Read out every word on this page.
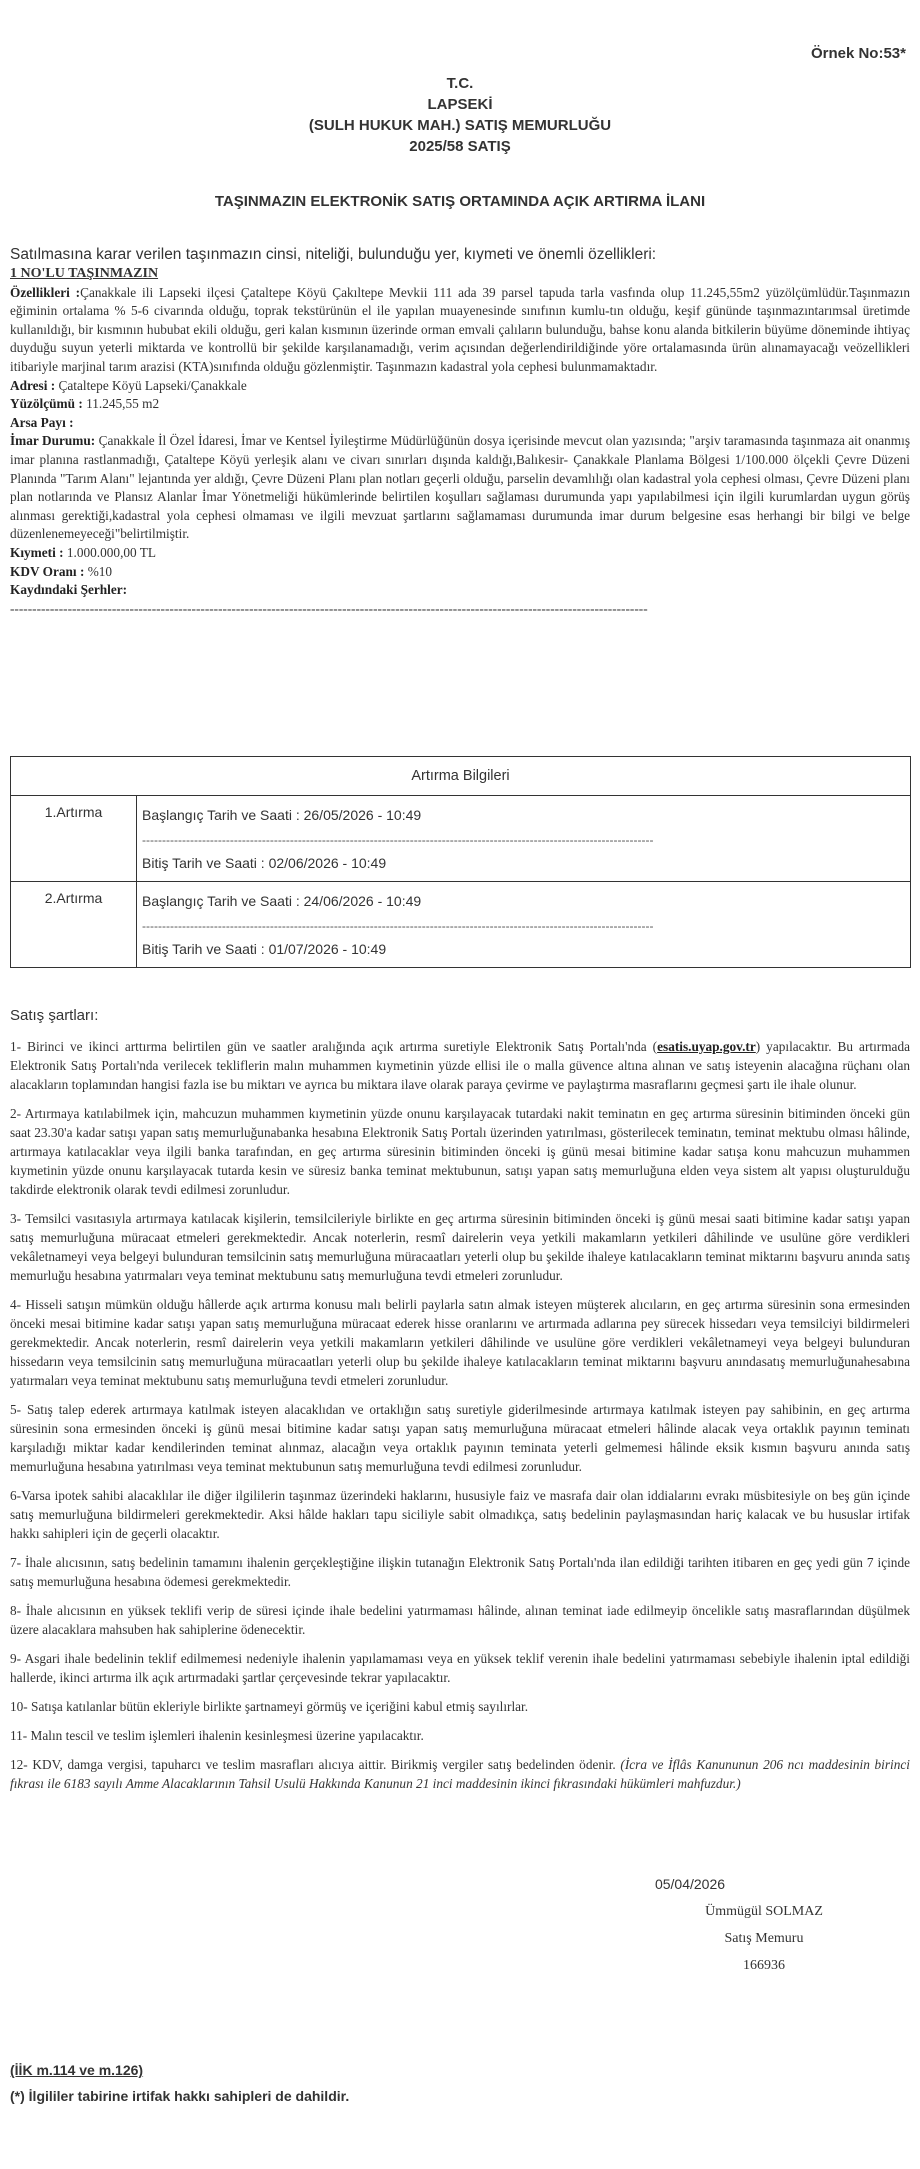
Örnek No:53*
T.C.
LAPSEKİ
(SULH HUKUK MAH.) SATIŞ MEMURLUĞU
2025/58 SATIŞ
TAŞINMAZIN ELEKTRONİK SATIŞ ORTAMINDA AÇIK ARTIRMA İLANI
Satılmasına karar verilen taşınmazın cinsi, niteliği, bulunduğu yer, kıymeti ve önemli özellikleri:

1 NO'LU TAŞINMAZIN

Özellikleri :Çanakkale ili Lapseki ilçesi Çataltepe Köyü Çakıltepe Mevkii 111 ada 39 parsel tapuda tarla vasfında olup 11.245,55m2 yüzölçümlüdür.Taşınmazın eğiminin ortalama % 5-6 civarında olduğu, toprak tekstürünün el ile yapılan muayenesinde sınıfının kumlu-tın olduğu, keşif gününde taşınmazıntarımsal üretimde kullanıldığı, bir kısmının hububat ekili olduğu, geri kalan kısmının üzerinde orman emvali çalıların bulunduğu, bahse konu alanda bitkilerin büyüme döneminde ihtiyaç duyduğu suyun yeterli miktarda ve kontrollü bir şekilde karşılanamadığı, verim açısından değerlendirildiğinde yöre ortalamasında ürün alınamayacağı veözellikleri itibariyle marjinal tarım arazisi (KTA)sınıfında olduğu gözlenmiştir. Taşınmazın kadastral yola cephesi bulunmamaktadır.

Adresi : Çataltepe Köyü Lapseki/Çanakkale

Yüzölçümü : 11.245,55 m2

Arsa Payı :

İmar Durumu: Çanakkale İl Özel İdaresi, İmar ve Kentsel İyileştirme Müdürlüğünün dosya içerisinde mevcut olan yazısında; "arşiv taramasında taşınmaza ait onanmış imar planına rastlanmadığı, Çataltepe Köyü yerleşik alanı ve civarı sınırları dışında kaldığı,Balıkesir- Çanakkale Planlama Bölgesi 1/100.000 ölçekli Çevre Düzeni Planında "Tarım Alanı" lejantında yer aldığı, Çevre Düzeni Planı plan notları geçerli olduğu, parselin devamlılığı olan kadastral yola cephesi olması, Çevre Düzeni planı plan notlarında ve Plansız Alanlar İmar Yönetmeliği hükümlerinde belirtilen koşulları sağlaması durumunda yapı yapılabilmesi için ilgili kurumlardan uygun görüş alınması gerektiği,kadastral yola cephesi olmaması ve ilgili mevzuat şartlarını sağlamaması durumunda imar durum belgesine esas herhangi bir bilgi ve belge düzenlenemeyeceği"belirtilmiştir.

Kıymeti : 1.000.000,00 TL

KDV Oranı : %10

Kaydındaki Şerhler:

------------------------------------------------------------------------------------------------------------------------------------------------

Artırma Bilgileri	
1.Artırma	Başlangıç Tarih ve Saati : 26/05/2026 - 10:49
--------------------------------------------------------------------------------------------------------------------------------
Bitiş Tarih ve Saati : 02/06/2026 - 10:49

2.Artırma	Başlangıç Tarih ve Saati : 24/06/2026 - 10:49
--------------------------------------------------------------------------------------------------------------------------------
Bitiş Tarih ve Saati : 01/07/2026 - 10:49
Satış şartları:

1- Birinci ve ikinci arttırma belirtilen gün ve saatler aralığında açık artırma suretiyle Elektronik Satış Portalı'nda (esatis.uyap.gov.tr) yapılacaktır. Bu artırmada Elektronik Satış Portalı'nda verilecek tekliflerin malın muhammen kıymetinin yüzde ellisi ile o malla güvence altına alınan ve satış isteyenin alacağına rüçhanı olan alacakların toplamından hangisi fazla ise bu miktarı ve ayrıca bu miktara ilave olarak paraya çevirme ve paylaştırma masraflarını geçmesi şartı ile ihale olunur.

2- Artırmaya katılabilmek için, mahcuzun muhammen kıymetinin yüzde onunu karşılayacak tutardaki nakit teminatın en geç artırma süresinin bitiminden önceki gün saat 23.30'a kadar satışı yapan satış memurluğunabanka hesabına Elektronik Satış Portalı üzerinden yatırılması, gösterilecek teminatın, teminat mektubu olması hâlinde, artırmaya katılacaklar veya ilgili banka tarafından, en geç artırma süresinin bitiminden önceki iş günü mesai bitimine kadar satışa konu mahcuzun muhammen kıymetinin yüzde onunu karşılayacak tutarda kesin ve süresiz banka teminat mektubunun, satışı yapan satış memurluğuna elden veya sistem alt yapısı oluşturulduğu takdirde elektronik olarak tevdi edilmesi zorunludur.

3- Temsilci vasıtasıyla artırmaya katılacak kişilerin, temsilcileriyle birlikte en geç artırma süresinin bitiminden önceki iş günü mesai saati bitimine kadar satışı yapan satış memurluğuna müracaat etmeleri gerekmektedir. Ancak noterlerin, resmî dairelerin veya yetkili makamların yetkileri dâhilinde ve usulüne göre verdikleri vekâletnameyi veya belgeyi bulunduran temsilcinin satış memurluğuna müracaatları yeterli olup bu şekilde ihaleye katılacakların teminat miktarını başvuru anında satış memurluğu hesabına yatırmaları veya teminat mektubunu satış memurluğuna tevdi etmeleri zorunludur.

4- Hisseli satışın mümkün olduğu hâllerde açık artırma konusu malı belirli paylarla satın almak isteyen müşterek alıcıların, en geç artırma süresinin sona ermesinden önceki mesai bitimine kadar satışı yapan satış memurluğuna müracaat ederek hisse oranlarını ve artırmada adlarına pey sürecek hissedarı veya temsilciyi bildirmeleri gerekmektedir. Ancak noterlerin, resmî dairelerin veya yetkili makamların yetkileri dâhilinde ve usulüne göre verdikleri vekâletnameyi veya belgeyi bulunduran hissedarın veya temsilcinin satış memurluğuna müracaatları yeterli olup bu şekilde ihaleye katılacakların teminat miktarını başvuru anındasatış memurluğunahesabına yatırmaları veya teminat mektubunu satış memurluğuna tevdi etmeleri zorunludur.

5- Satış talep ederek artırmaya katılmak isteyen alacaklıdan ve ortaklığın satış suretiyle giderilmesinde artırmaya katılmak isteyen pay sahibinin, en geç artırma süresinin sona ermesinden önceki iş günü mesai bitimine kadar satışı yapan satış memurluğuna müracaat etmeleri hâlinde alacak veya ortaklık payının teminatı karşıladığı miktar kadar kendilerinden teminat alınmaz, alacağın veya ortaklık payının teminata yeterli gelmemesi hâlinde eksik kısmın başvuru anında satış memurluğuna hesabına yatırılması veya teminat mektubunun satış memurluğuna tevdi edilmesi zorunludur.

6-Varsa ipotek sahibi alacaklılar ile diğer ilgililerin taşınmaz üzerindeki haklarını, hususiyle faiz ve masrafa dair olan iddialarını evrakı müsbitesiyle on beş gün içinde satış memurluğuna bildirmeleri gerekmektedir. Aksi hâlde hakları tapu siciliyle sabit olmadıkça, satış bedelinin paylaşmasından hariç kalacak ve bu hususlar irtifak hakkı sahipleri için de geçerli olacaktır.

7- İhale alıcısının, satış bedelinin tamamını ihalenin gerçekleştiğine ilişkin tutanağın Elektronik Satış Portalı'nda ilan edildiği tarihten itibaren en geç yedi gün 7 içinde satış memurluğuna hesabına ödemesi gerekmektedir.

8- İhale alıcısının en yüksek teklifi verip de süresi içinde ihale bedelini yatırmaması hâlinde, alınan teminat iade edilmeyip öncelikle satış masraflarından düşülmek üzere alacaklara mahsuben hak sahiplerine ödenecektir.

9- Asgari ihale bedelinin teklif edilmemesi nedeniyle ihalenin yapılamaması veya en yüksek teklif verenin ihale bedelini yatırmaması sebebiyle ihalenin iptal edildiği hallerde, ikinci artırma ilk açık artırmadaki şartlar çerçevesinde tekrar yapılacaktır.

10- Satışa katılanlar bütün ekleriyle birlikte şartnameyi görmüş ve içeriğini kabul etmiş sayılırlar.

11- Malın tescil ve teslim işlemleri ihalenin kesinleşmesi üzerine yapılacaktır.

12- KDV, damga vergisi, tapuharcı ve teslim masrafları alıcıya aittir. Birikmiş vergiler satış bedelinden ödenir. (İcra ve İflâs Kanununun 206 ncı maddesinin birinci fıkrası ile 6183 sayılı Amme Alacaklarının Tahsil Usulü Hakkında Kanunun 21 inci maddesinin ikinci fıkrasındaki hükümleri mahfuzdur.)

05/04/2026
Ümmügül SOLMAZ
Satış Memuru
166936
(İİK m.114 ve m.126)
(*) İlgililer tabirine irtifak hakkı sahipleri de dahildir.
